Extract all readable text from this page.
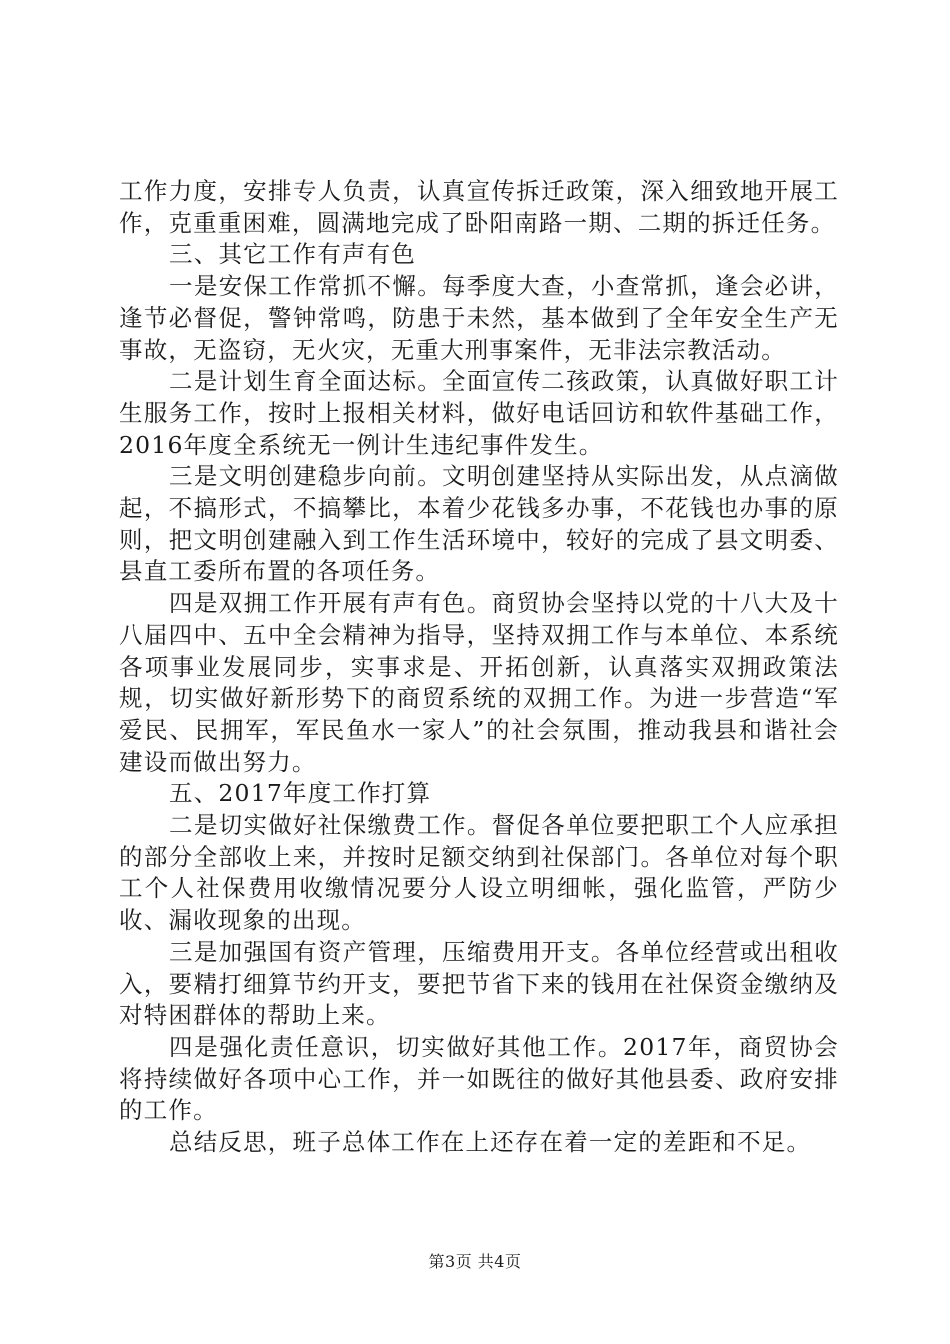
工作力度，安排专人负责，认真宣传拆迁政策，深入细致地开展工作，克重重困难，圆满地完成了卧阳南路一期、二期的拆迁任务。

三、其它工作有声有色

一是安保工作常抓不懈。每季度大查，小查常抓，逢会必讲，逢节必督促，警钟常鸣，防患于未然，基本做到了全年安全生产无事故，无盗窃，无火灾，无重大刑事案件，无非法宗教活动。

二是计划生育全面达标。全面宣传二孩政策，认真做好职工计生服务工作，按时上报相关材料，做好电话回访和软件基础工作，2016年度全系统无一例计生违纪事件发生。

三是文明创建稳步向前。文明创建坚持从实际出发，从点滴做起，不搞形式，不搞攀比，本着少花钱多办事，不花钱也办事的原则，把文明创建融入到工作生活环境中，较好的完成了县文明委、县直工委所布置的各项任务。

四是双拥工作开展有声有色。商贸协会坚持以党的十八大及十八届四中、五中全会精神为指导，坚持双拥工作与本单位、本系统各项事业发展同步，实事求是、开拓创新，认真落实双拥政策法规，切实做好新形势下的商贸系统的双拥工作。为进一步营造“军爱民、民拥军，军民鱼水一家人”的社会氛围，推动我县和谐社会建设而做出努力。

五、2017年度工作打算

二是切实做好社保缴费工作。督促各单位要把职工个人应承担的部分全部收上来，并按时足额交纳到社保部门。各单位对每个职工个人社保费用收缴情况要分人设立明细帐，强化监管，严防少收、漏收现象的出现。

三是加强国有资产管理，压缩费用开支。各单位经营或出租收入，要精打细算节约开支，要把节省下来的钱用在社保资金缴纳及对特困群体的帮助上来。

四是强化责任意识，切实做好其他工作。2017年，商贸协会将持续做好各项中心工作，并一如既往的做好其他县委、政府安排的工作。

总结反思，班子总体工作在上还存在着一定的差距和不足。

第3页 共4页
